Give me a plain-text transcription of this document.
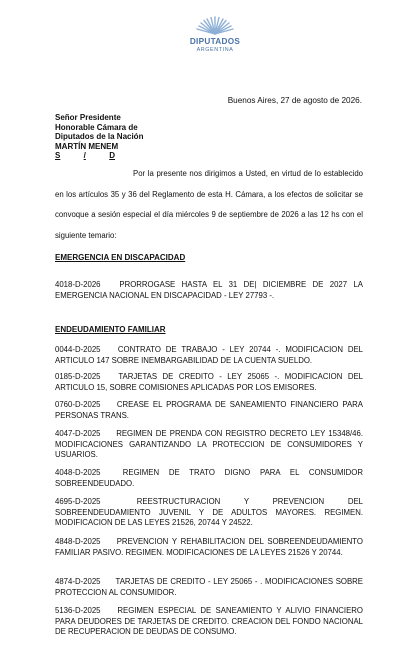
DIPUTADOS
ARGENTINA
Buenos Aires, 27 de agosto de 2026.
Señor Presidente
Honorable Cámara de
Diputados de la Nación
MARTÍN MENEM
S	/	D
Por la presente nos dirigimos a Usted, en virtud de lo establecido en los artículos 35 y 36 del Reglamento de esta H. Cámara, a los efectos de solicitar se convoque a sesión especial el día miércoles 9 de septiembre de 2026 a las 12 hs con el siguiente temario:
EMERGENCIA EN DISCAPACIDAD
4018-D-2026 PRORROGASE HASTA EL 31 DE| DICIEMBRE DE 2027 LA EMERGENCIA NACIONAL EN DISCAPACIDAD - LEY 27793 -.
ENDEUDAMIENTO FAMILIAR
0044-D-2025 CONTRATO DE TRABAJO - LEY 20744 -. MODIFICACION DEL ARTICULO 147 SOBRE INEMBARGABILIDAD DE LA CUENTA SUELDO.
0185-D-2025 TARJETAS DE CREDITO - LEY 25065 -. MODIFICACION DEL ARTICULO 15, SOBRE COMISIONES APLICADAS POR LOS EMISORES.
0760-D-2025 CREASE EL PROGRAMA DE SANEAMIENTO FINANCIERO PARA PERSONAS TRANS.
4047-D-2025 REGIMEN DE PRENDA CON REGISTRO DECRETO LEY 15348/46. MODIFICACIONES GARANTIZANDO LA PROTECCION DE CONSUMIDORES Y USUARIOS.
4048-D-2025	REGIMEN DE TRATO DIGNO PARA EL CONSUMIDOR SOBREENDEUDADO.
4695-D-2025	REESTRUCTURACION Y PREVENCION DEL SOBREENDEUDAMIENTO JUVENIL Y DE ADULTOS MAYORES. REGIMEN. MODIFICACION DE LAS LEYES 21526, 20744 Y 24522.
4848-D-2025 PREVENCION Y REHABILITACION DEL SOBREENDEUDAMIENTO FAMILIAR PASIVO. REGIMEN. MODIFICACIONES DE LA LEYES 21526 Y 20744.
4874-D-2025 TARJETAS DE CREDITO - LEY 25065 - . MODIFICACIONES SOBRE PROTECCION AL CONSUMIDOR.
5136-D-2025 REGIMEN ESPECIAL DE SANEAMIENTO Y ALIVIO FINANCIERO PARA DEUDORES DE TARJETAS DE CREDITO. CREACION DEL FONDO NACIONAL DE RECUPERACION DE DEUDAS DE CONSUMO.
